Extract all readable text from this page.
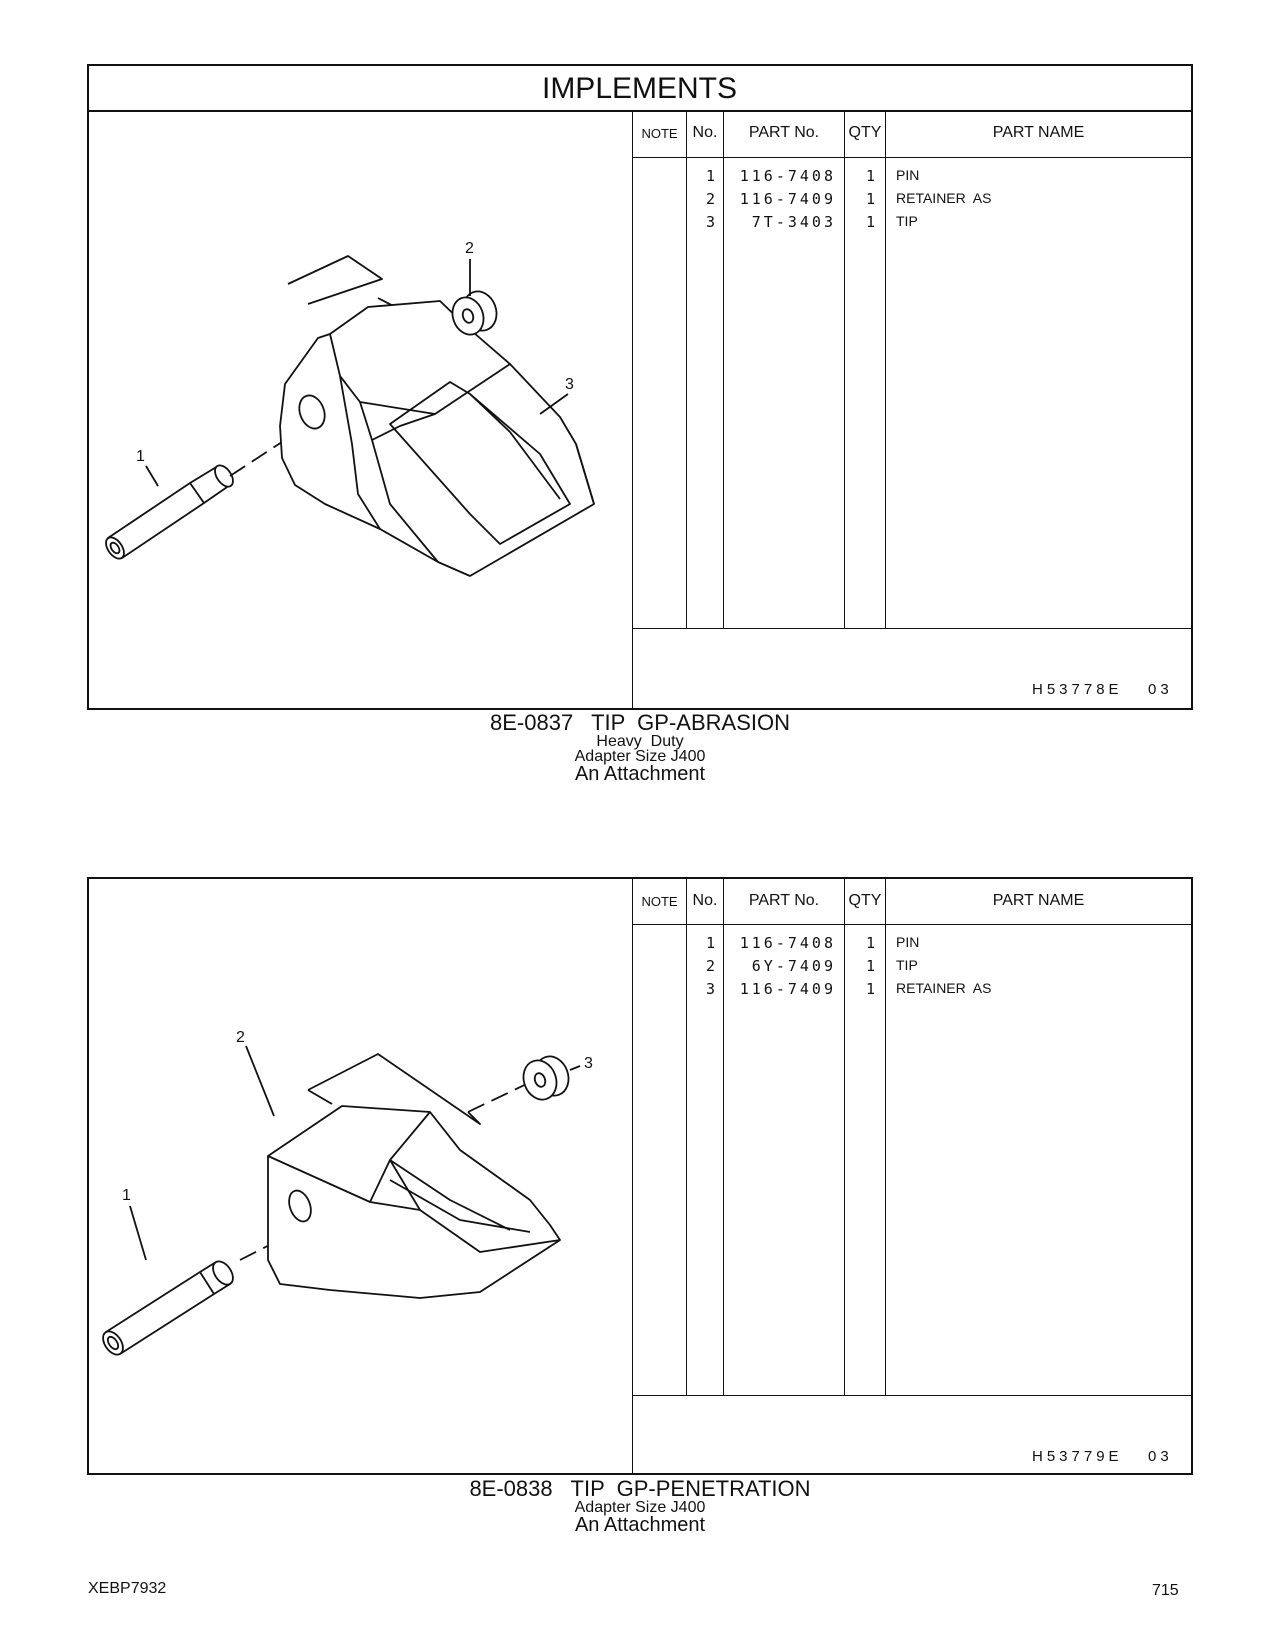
IMPLEMENTS
NOTE No.	PART No.	QTY	PART NAME
1	116-7408	1 PIN
2	116-7409	1 RETAINER  AS
3	7T-3403	1 TIP
H53778E 03
2
3
1
8E-0837   TIP  GP-ABRASION
Heavy  Duty
Adapter Size J400
An Attachment
NOTE No.	PART No.	QTY	PART NAME
1	116-7408	1 PIN
2	6Y-7409	1 TIP
3	116-7409	1 RETAINER  AS
H53779E 03
3
2
1
8E-0838   TIP  GP-PENETRATION
Adapter Size J400
An Attachment
XEBP7932	715
